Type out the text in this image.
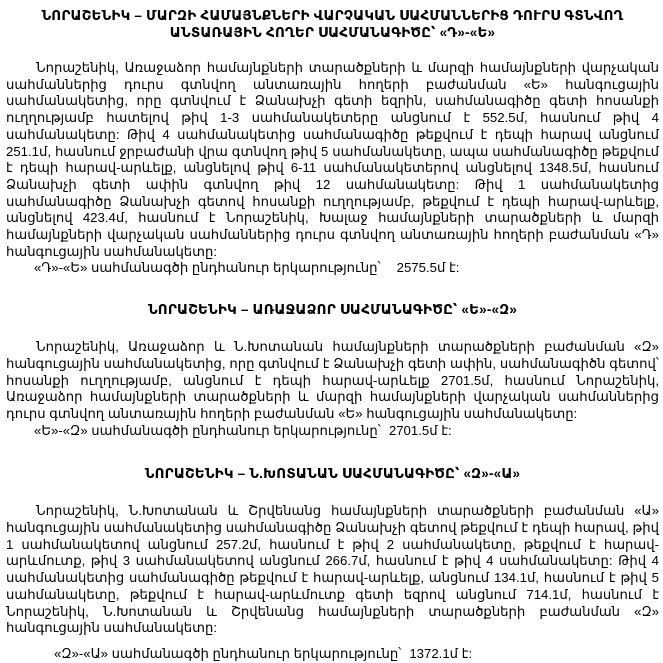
ՆՈՐԱՇԵՆԻԿ – ՄԱՐԶԻ ՀԱՄԱՅՆՔՆԵՐԻ ՎԱՐՉԱԿԱՆ ՍԱՀՄԱՆՆԵՐԻՑ ԴՈՒՐՍ ԳՏՆՎՈՂ ԱՆՏԱՌԱՅԻՆ ՀՈՂԵՐ ՍԱՀՄԱՆԱԳԻԾԸ՝ «Դ»-«Ե»

Նորաշենիկ, Առաջաձոր համայնքների տարածքների և մարզի համայնքների վարչական սահմաններից դուրս գտնվող անտառային հողերի բաժանման «Ե» հանգուցային սահմանակետից, որը գտնվում է Ձանախչի գետի եզրին, սահմանագիծը գետի հոսանքի ուղղությամբ հատելով թիվ 1-3 սահմանակետերը անցնում է 552.5մ, հասնում թիվ 4 սահմանակետը: Թիվ 4 սահմանակետից սահմանագիծը թեքվում է դեպի հարավ անցնում 251.1մ, հասնում ջրբաժանի վրա գտնվող թիվ 5 սահմանակետը, ապա սահմանագիծը թեքվում է դեպի հարավ-արևելք, անցնելով թիվ 6-11 սահմանակետերով անցնելով 1348.5մ, հասնում Ձանախչի գետի ափին գտնվող թիվ 12 սահմանակետը: Թիվ 1 սահմանակետից սահմանագիծը Ձանախչի գետով հոսանքի ուղղությամբ, թեքվում է դեպի հարավ-արևելք, անցնելով 423.4մ, հասնում է Նորաշենիկ, Խալաջ համայնքների տարածքների և մարզի համայնքների վարչական սահմաններից դուրս գտնվող անտառային հողերի բաժանման «Դ» հանգուցային սահմանակետը:

«Դ»-«Ե» սահմանագծի ընդհանուր երկարությունը՝ 2575.5մ է:

ՆՈՐԱՇԵՆԻԿ – ԱՌԱՋԱՁՈՐ ՍԱՀՄԱՆԱԳԻԾԸ՝ «Ե»-«Զ»

Նորաշենիկ, Առաջաձոր և Ն.Խոտանան համայնքների տարածքների բաժանման «Զ» հանգուցային սահմանակետից, որը գտնվում է Ձանախչի գետի ափին, սահմանագիծն գետով՝ հոսանքի ուղղությամբ, անցնում է դեպի հարավ-արևելք 2701.5մ, հասնում Նորաշենիկ, Առաջաձոր համայնքների տարածքների և մարզի համայնքների վարչական սահմաններից դուրս գտնվող անտառային հողերի բաժանման «Ե» հանգուցային սահմանակետը:

«Ե»-«Զ» սահմանագծի ընդհանուր երկարությունը՝ 2701.5մ է:

ՆՈՐԱՇԵՆԻԿ – Ն.ԽՈՏԱՆԱՆ ՍԱՀՄԱՆԱԳԻԾԸ՝ «Զ»-«Ա»

Նորաշենիկ, Ն.Խոտանան և Շրվենանց համայնքների տարածքների բաժանման «Ա» հանգուցային սահմանակետից սահմանագիծը Ձանախչի գետով թեքվում է դեպի հարավ, թիվ 1 սահմանակետով անցնում 257.2մ, հասնում է թիվ 2 սահմանակետը, թեքվում է հարավ-արևմուտք, թիվ 3 սահմանակետով անցնում 266.7մ, հասնում է թիվ 4 սահմանակետը: Թիվ 4 սահմանակետից սահմանագիծը թեքվում է հարավ-արևելք, անցնում 134.1մ, հասնում է թիվ 5 սահմանակետը, թեքվում է հարավ-արևմուտք գետի եզրով անցնում 714.1մ, հասնում է Նորաշենիկ, Ն.Խոտանան և Շրվենանց համայնքների տարածքների բաժանման «Զ» հանգուցային սահմանակետը:

«Զ»-«Ա» սահմանագծի ընդհանուր երկարությունը՝ 1372.1մ է:
